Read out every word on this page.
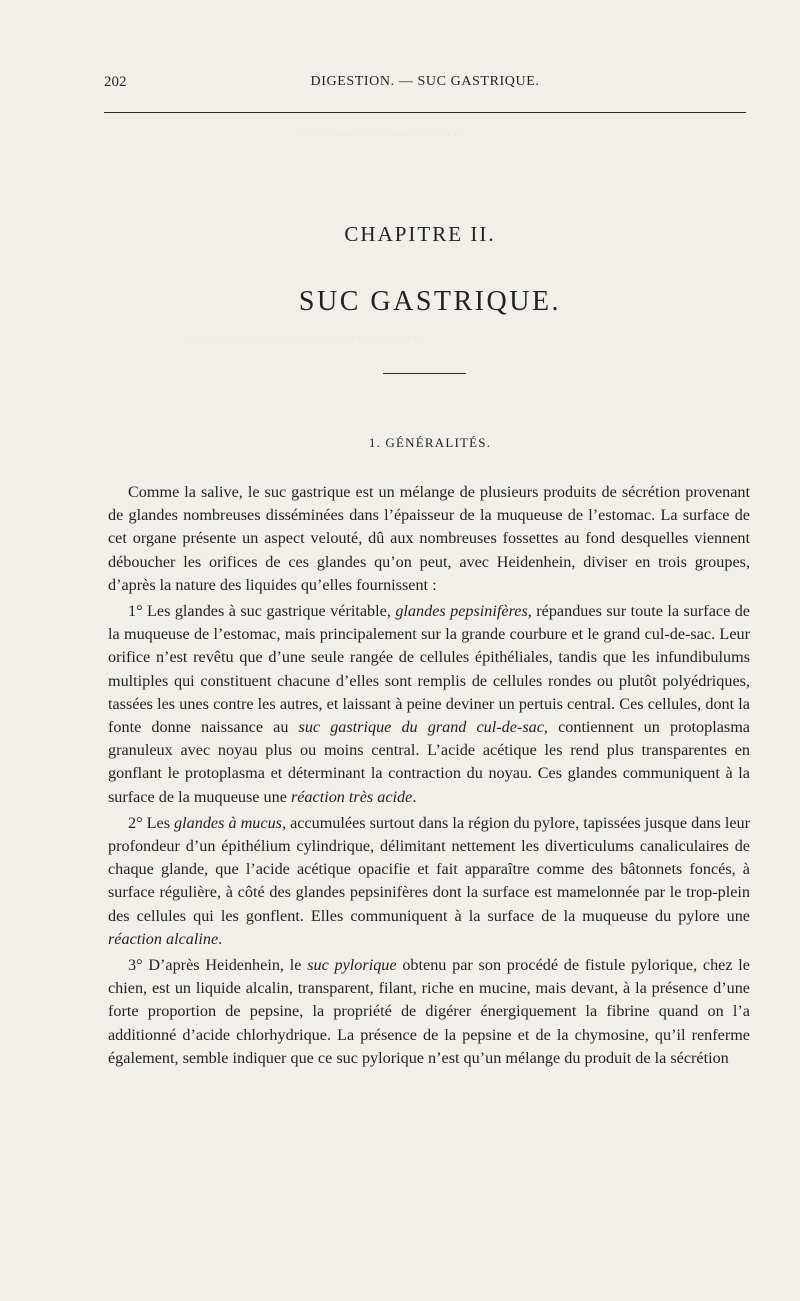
· · · · · · · · · · · · · · · · · · · · · · · ·
· · · · · · · · · · · · · · · · · · · · · · · · · · · · · · · · ·
202	DIGESTION. — SUC GASTRIQUE.
CHAPITRE II.
SUC GASTRIQUE.
1. GÉNÉRALITÉS.

Comme la salive, le suc gastrique est un mélange de plusieurs produits de sécrétion provenant de glandes nombreuses disséminées dans l’épaisseur de la muqueuse de l’estomac. La surface de cet organe présente un aspect velouté, dû aux nombreuses fossettes au fond desquelles viennent déboucher les orifices de ces glandes qu’on peut, avec Heidenhein, diviser en trois groupes, d’après la nature des liquides qu’elles fournissent :

1° Les glandes à suc gastrique véritable, glandes pepsinifères, répandues sur toute la surface de la muqueuse de l’estomac, mais principalement sur la grande courbure et le grand cul-de-sac. Leur orifice n’est revêtu que d’une seule rangée de cellules épithéliales, tandis que les infundibulums multiples qui constituent chacune d’elles sont remplis de cellules rondes ou plutôt polyédriques, tassées les unes contre les autres, et laissant à peine deviner un pertuis central. Ces cellules, dont la fonte donne naissance au suc gastrique du grand cul-de-sac, contiennent un protoplasma granuleux avec noyau plus ou moins central. L’acide acétique les rend plus transparentes en gonflant le protoplasma et déterminant la contraction du noyau. Ces glandes communiquent à la surface de la muqueuse une réaction très acide.

2° Les glandes à mucus, accumulées surtout dans la région du pylore, tapissées jusque dans leur profondeur d’un épithélium cylindrique, délimitant nettement les diverticulums canaliculaires de chaque glande, que l’acide acétique opacifie et fait apparaître comme des bâtonnets foncés, à surface régulière, à côté des glandes pepsinifères dont la surface est mamelonnée par le trop-plein des cellules qui les gonflent. Elles communiquent à la surface de la muqueuse du pylore une réaction alcaline.

3° D’après Heidenhein, le suc pylorique obtenu par son procédé de fistule pylorique, chez le chien, est un liquide alcalin, transparent, filant, riche en mucine, mais devant, à la présence d’une forte proportion de pepsine, la propriété de digérer énergiquement la fibrine quand on l’a additionné d’acide chlorhydrique. La présence de la pepsine et de la chymosine, qu’il renferme également, semble indiquer que ce suc pylorique n’est qu’un mélange du produit de la sécrétion
